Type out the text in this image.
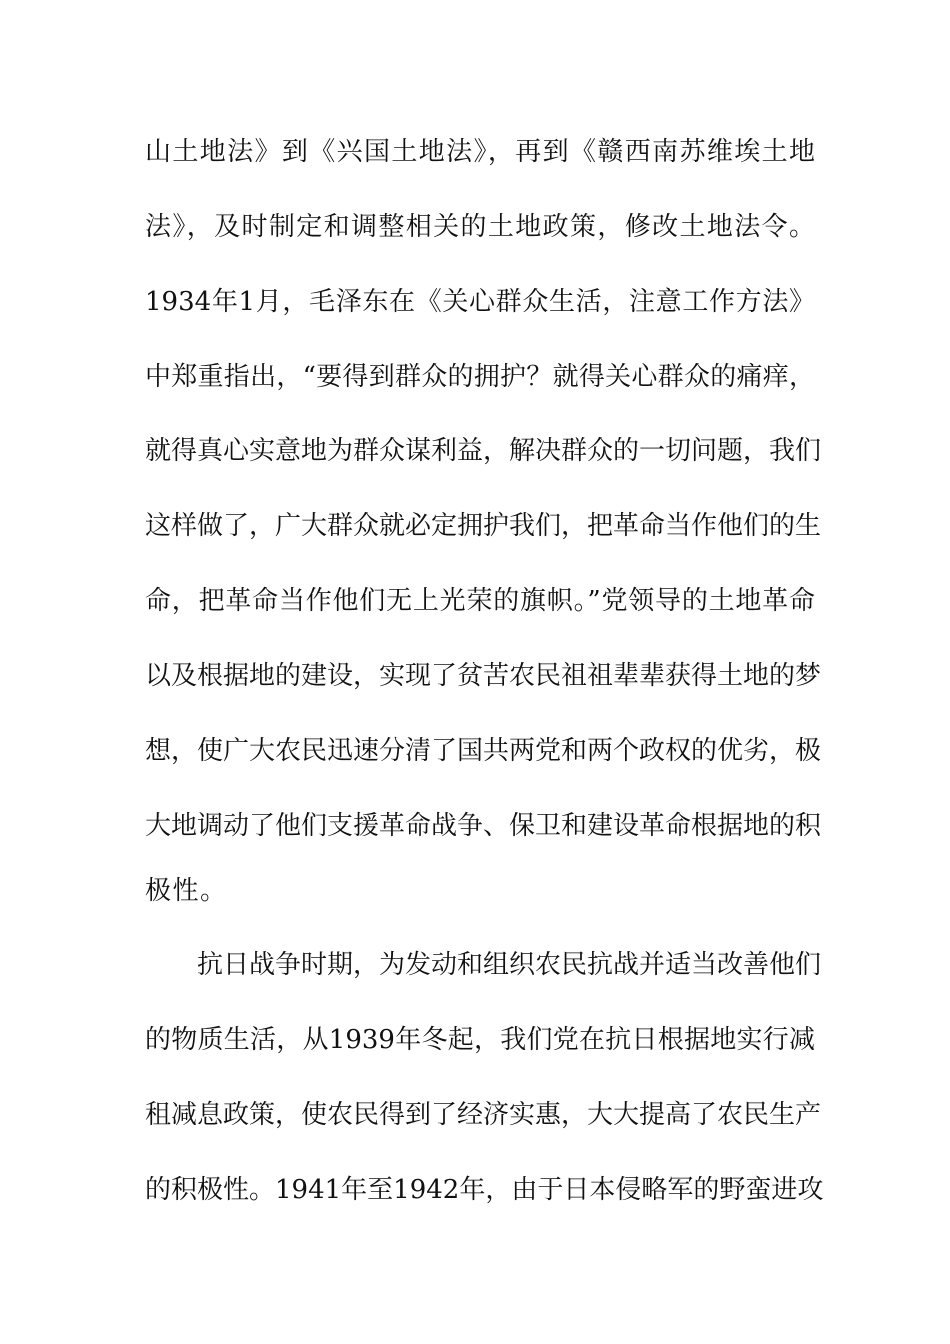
山土地法》到《兴国土地法》，再到《赣西南苏维埃土地
法》，及时制定和调整相关的土地政策，修改土地法令。
1934年1月，毛泽东在《关心群众生活，注意工作方法》
中郑重指出，“要得到群众的拥护？就得关心群众的痛痒，
就得真心实意地为群众谋利益，解决群众的一切问题，我们
这样做了，广大群众就必定拥护我们，把革命当作他们的生
命，把革命当作他们无上光荣的旗帜。”党领导的土地革命
以及根据地的建设，实现了贫苦农民祖祖辈辈获得土地的梦
想，使广大农民迅速分清了国共两党和两个政权的优劣，极
大地调动了他们支援革命战争、保卫和建设革命根据地的积
极性。
抗日战争时期，为发动和组织农民抗战并适当改善他们
的物质生活，从1939年冬起，我们党在抗日根据地实行减
租减息政策，使农民得到了经济实惠，大大提高了农民生产
的积极性。1941年至1942年，由于日本侵略军的野蛮进攻
